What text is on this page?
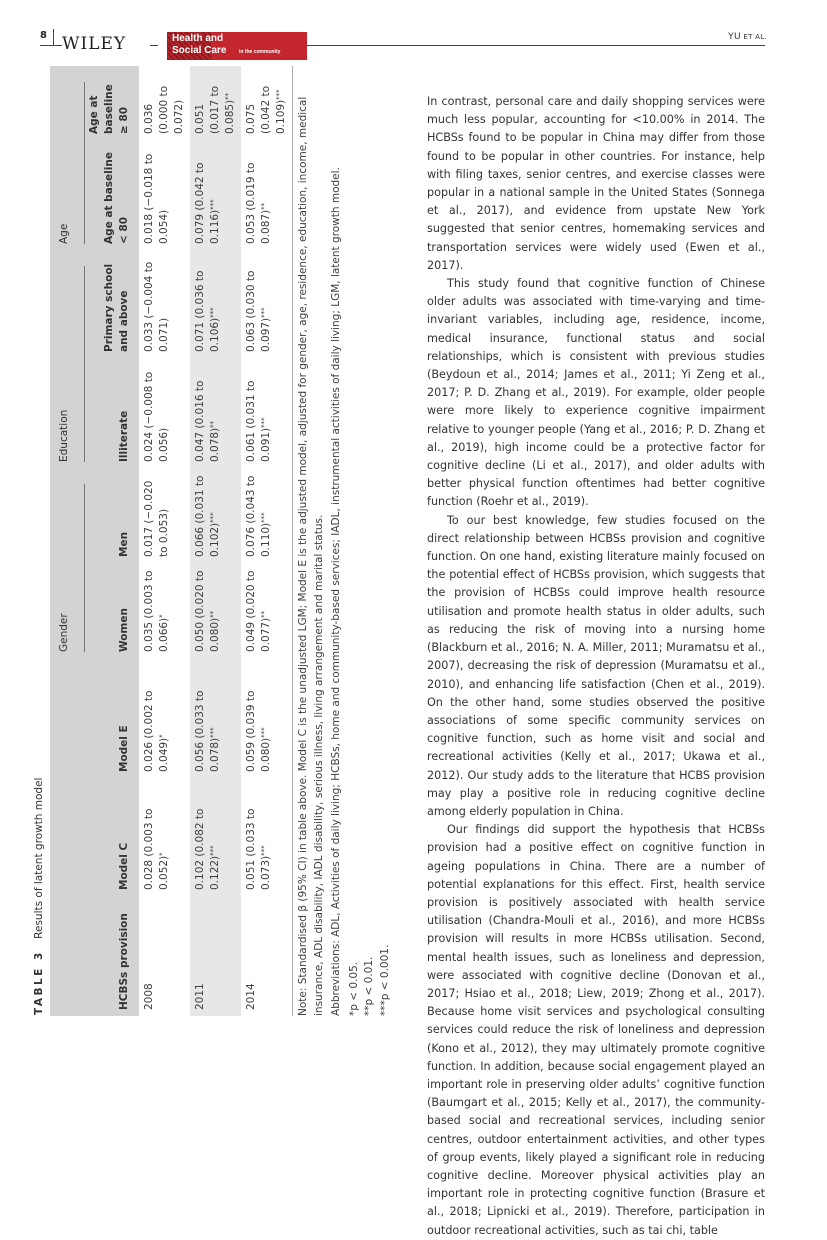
8 WILEY	Health and
Social Care	in the community
YU ET AL.
TABLE 3 Results of latent growth model
			Gender		Education		Age	

HCBSs provision	Model C	Model E	Women	Men	Illiterate	Primary school and above	Age at baseline < 80	Age at baseline ≥ 80
2008	0.028 (0.003 to 0.052)*	0.026 (0.002 to 0.049)*	0.035 (0.003 to 0.066)*	0.017 (−0.020 to 0.053)	0.024 (−0.008 to 0.056)	0.033 (−0.004 to 0.071)	0.018 (−0.018 to 0.054)	0.036 (0.000 to 0.072)
2011	0.102 (0.082 to 0.122)***	0.056 (0.033 to 0.078)***	0.050 (0.020 to 0.080)**	0.066 (0.031 to 0.102)***	0.047 (0.016 to 0.078)**	0.071 (0.036 to 0.106)***	0.079 (0.042 to 0.116)***	0.051 (0.017 to 0.085)**
2014	0.051 (0.033 to 0.073)***	0.059 (0.039 to 0.080)***	0.049 (0.020 to 0.077)**	0.076 (0.043 to 0.110)***	0.061 (0.031 to 0.091)***	0.063 (0.030 to 0.097)***	0.053 (0.019 to 0.087)**	0.075 (0.042 to 0.109)***

Note: Standardised β (95% CI) in table above. Model C is the unadjusted LGM; Model E is the adjusted model, adjusted for gender, age, residence, education, income, medical insurance, ADL disability, IADL disability, serious illness, living arrangement and marital status. Abbreviations: ADL, Activities of daily living; HCBSs, home and community-based services; IADL, instrumental activities of daily living; LGM, latent growth model. *p < 0.05. **p < 0.01. ***p < 0.001.

In contrast, personal care and daily shopping services were much less popular, accounting for <10.00% in 2014. The HCBSs found to be popular in China may differ from those found to be popular in other countries. For instance, help with filing taxes, senior centres, and exercise classes were popular in a national sample in the United States (Sonnega et al., 2017), and evidence from upstate New York suggested that senior centres, homemaking services and transportation services were widely used (Ewen et al., 2017).

This study found that cognitive function of Chinese older adults was associated with time-varying and time-invariant variables, including age, residence, income, medical insurance, functional status and social relationships, which is consistent with previous studies (Beydoun et al., 2014; James et al., 2011; Yi Zeng et al., 2017; P. D. Zhang et al., 2019). For example, older people were more likely to experience cognitive impairment relative to younger people (Yang et al., 2016; P. D. Zhang et al., 2019), high income could be a protective factor for cognitive decline (Li et al., 2017), and older adults with better physical function oftentimes had better cognitive function (Roehr et al., 2019).

To our best knowledge, few studies focused on the direct relationship between HCBSs provision and cognitive function. On one hand, existing literature mainly focused on the potential effect of HCBSs provision, which suggests that the provision of HCBSs could improve health resource utilisation and promote health status in older adults, such as reducing the risk of moving into a nursing home (Blackburn et al., 2016; N. A. Miller, 2011; Muramatsu et al., 2007), decreasing the risk of depression (Muramatsu et al., 2010), and enhancing life satisfaction (Chen et al., 2019). On the other hand, some studies observed the positive associations of some specific community services on cognitive function, such as home visit and social and recreational activities (Kelly et al., 2017; Ukawa et al., 2012). Our study adds to the literature that HCBS provision may play a positive role in reducing cognitive decline among elderly population in China.

Our findings did support the hypothesis that HCBSs provision had a positive effect on cognitive function in ageing populations in China. There are a number of potential explanations for this effect. First, health service provision is positively associated with health service utilisation (Chandra-Mouli et al., 2016), and more HCBSs provision will results in more HCBSs utilisation. Second, mental health issues, such as loneliness and depression, were associated with cognitive decline (Donovan et al., 2017; Hsiao et al., 2018; Liew, 2019; Zhong et al., 2017). Because home visit services and psychological consulting services could reduce the risk of loneliness and depression (Kono et al., 2012), they may ultimately promote cognitive function. In addition, because social engagement played an important role in preserving older adults’ cognitive function (Baumgart et al., 2015; Kelly et al., 2017), the community-based social and recreational services, including senior centres, outdoor entertainment activities, and other types of group events, likely played a significant role in reducing cognitive decline. Moreover physical activities play an important role in protecting cognitive function (Brasure et al., 2018; Lipnicki et al., 2019). Therefore, participation in outdoor recreational activities, such as tai chi, table
